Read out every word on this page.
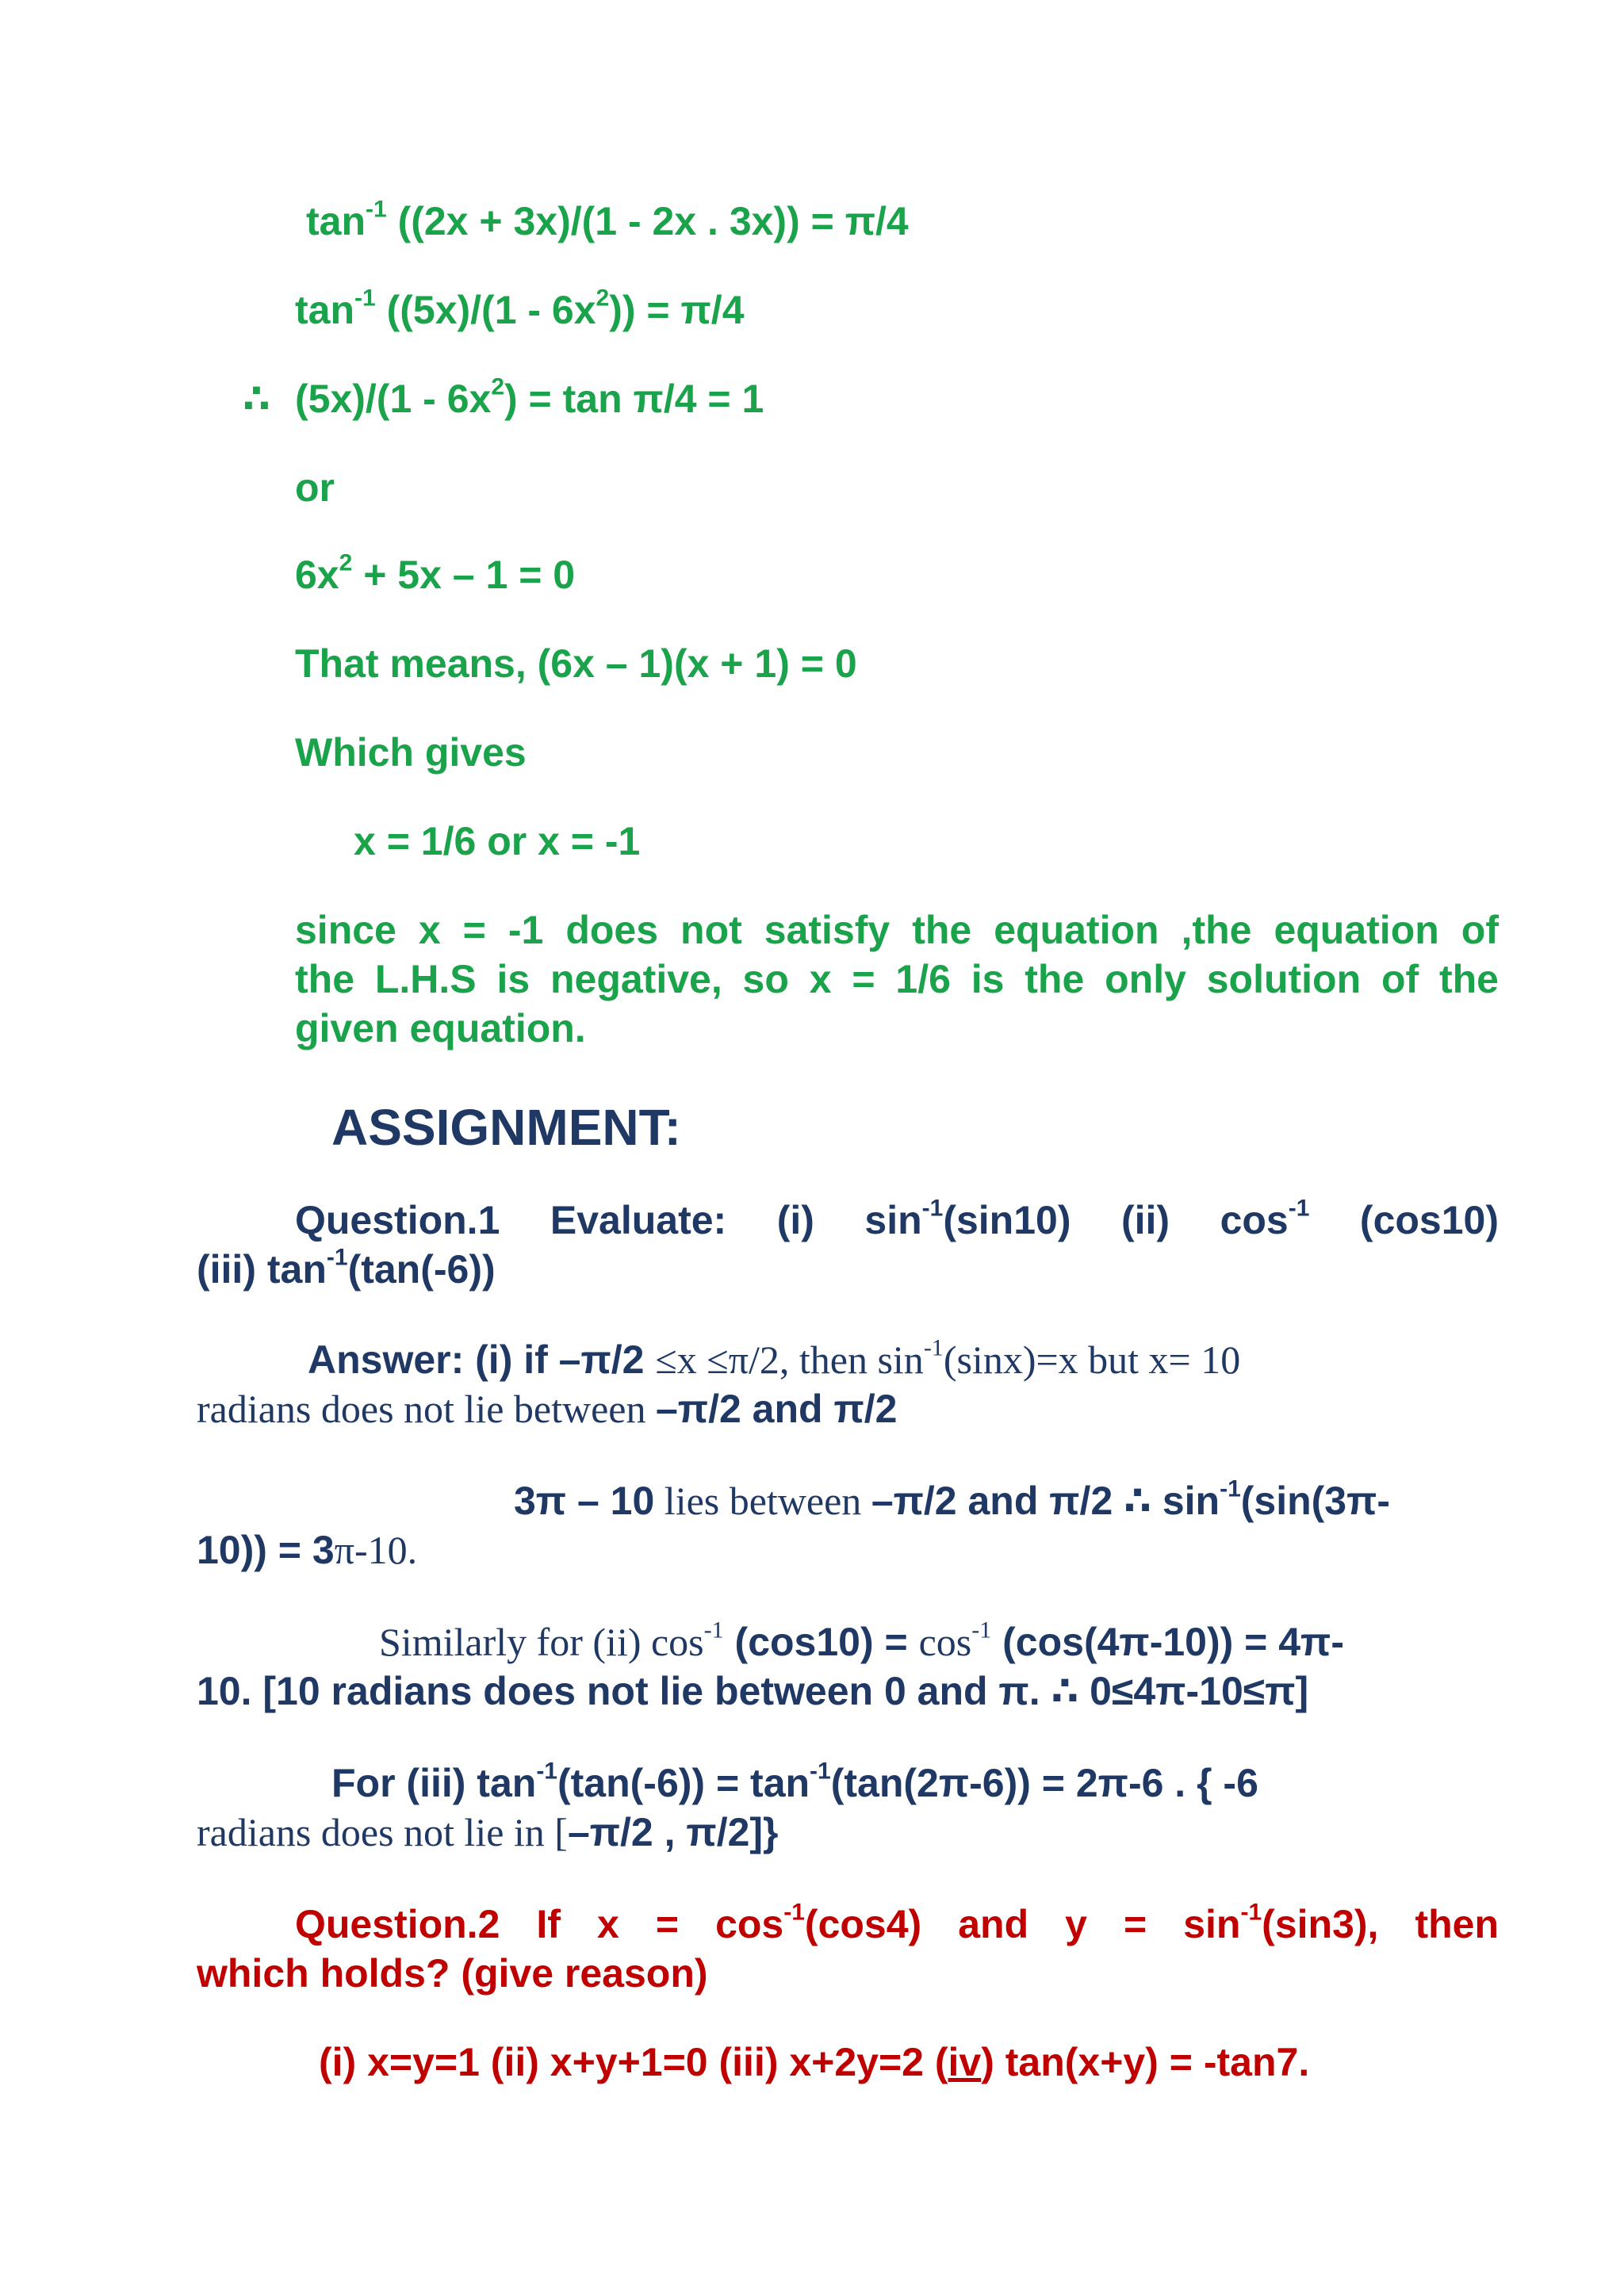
$\tan^{-1} ((2x + 3x)/(1 - 2x$ . 3x)) = π/4
$\tan^{-1} ((5x)/(1 - 6x^2)) = \pi/4$
∴ $(5x)/(1 - 6x^2) = \tan \pi/4 = 1$
or
$6x^2 + 5x - 1 = 0$
That means, (6x – 1)(x + 1) = 0
Which gives
x = 1/6 or x = -1
since x = -1 does not satisfy the equation ,the equation of
the L.H.S is negative, so x = 1/6 is the only solution of the
given equation.
ASSIGNMENT:
Question.1 Evaluate: (i) $\sin^{-1}(\sin 10)$ (ii) $\cos^{-1} (\cos 10)$
(iii) $\tan^{-1}(\tan(-6))$
Answer: (i) if –π/2 ≤x ≤π/2, then $\sin^{-1}(\sin x)=x$ but x= 10
radians does not lie between –π/2 and π/2
3π – 10 lies between –π/2 and π/2 ∴ $\sin^{-1}(\sin(3\pi-$
10)) = 3π-10.
Similarly for (ii) $\cos^{-1} (\cos 10) = \cos^{-1} (\cos(4\pi-10)) = 4\pi-$
10. [10 radians does not lie between 0 and π. ∴ 0≤4π-10≤π]
For (iii) $\tan^{-1}(\tan(-6)) = \tan^{-1}(\tan(2\pi-6)) = 2\pi-6$ . { -6
radians does not lie in [–π/2 , π/2]}
Question.2 If $x = \cos^{-1}(\cos 4)$ and $y = \sin^{-1}(\sin 3)$, then
which holds? (give reason)
(i) x=y=1 (ii) x+y+1=0 (iii) x+2y=2 (iv) tan(x+y) = -tan7.
